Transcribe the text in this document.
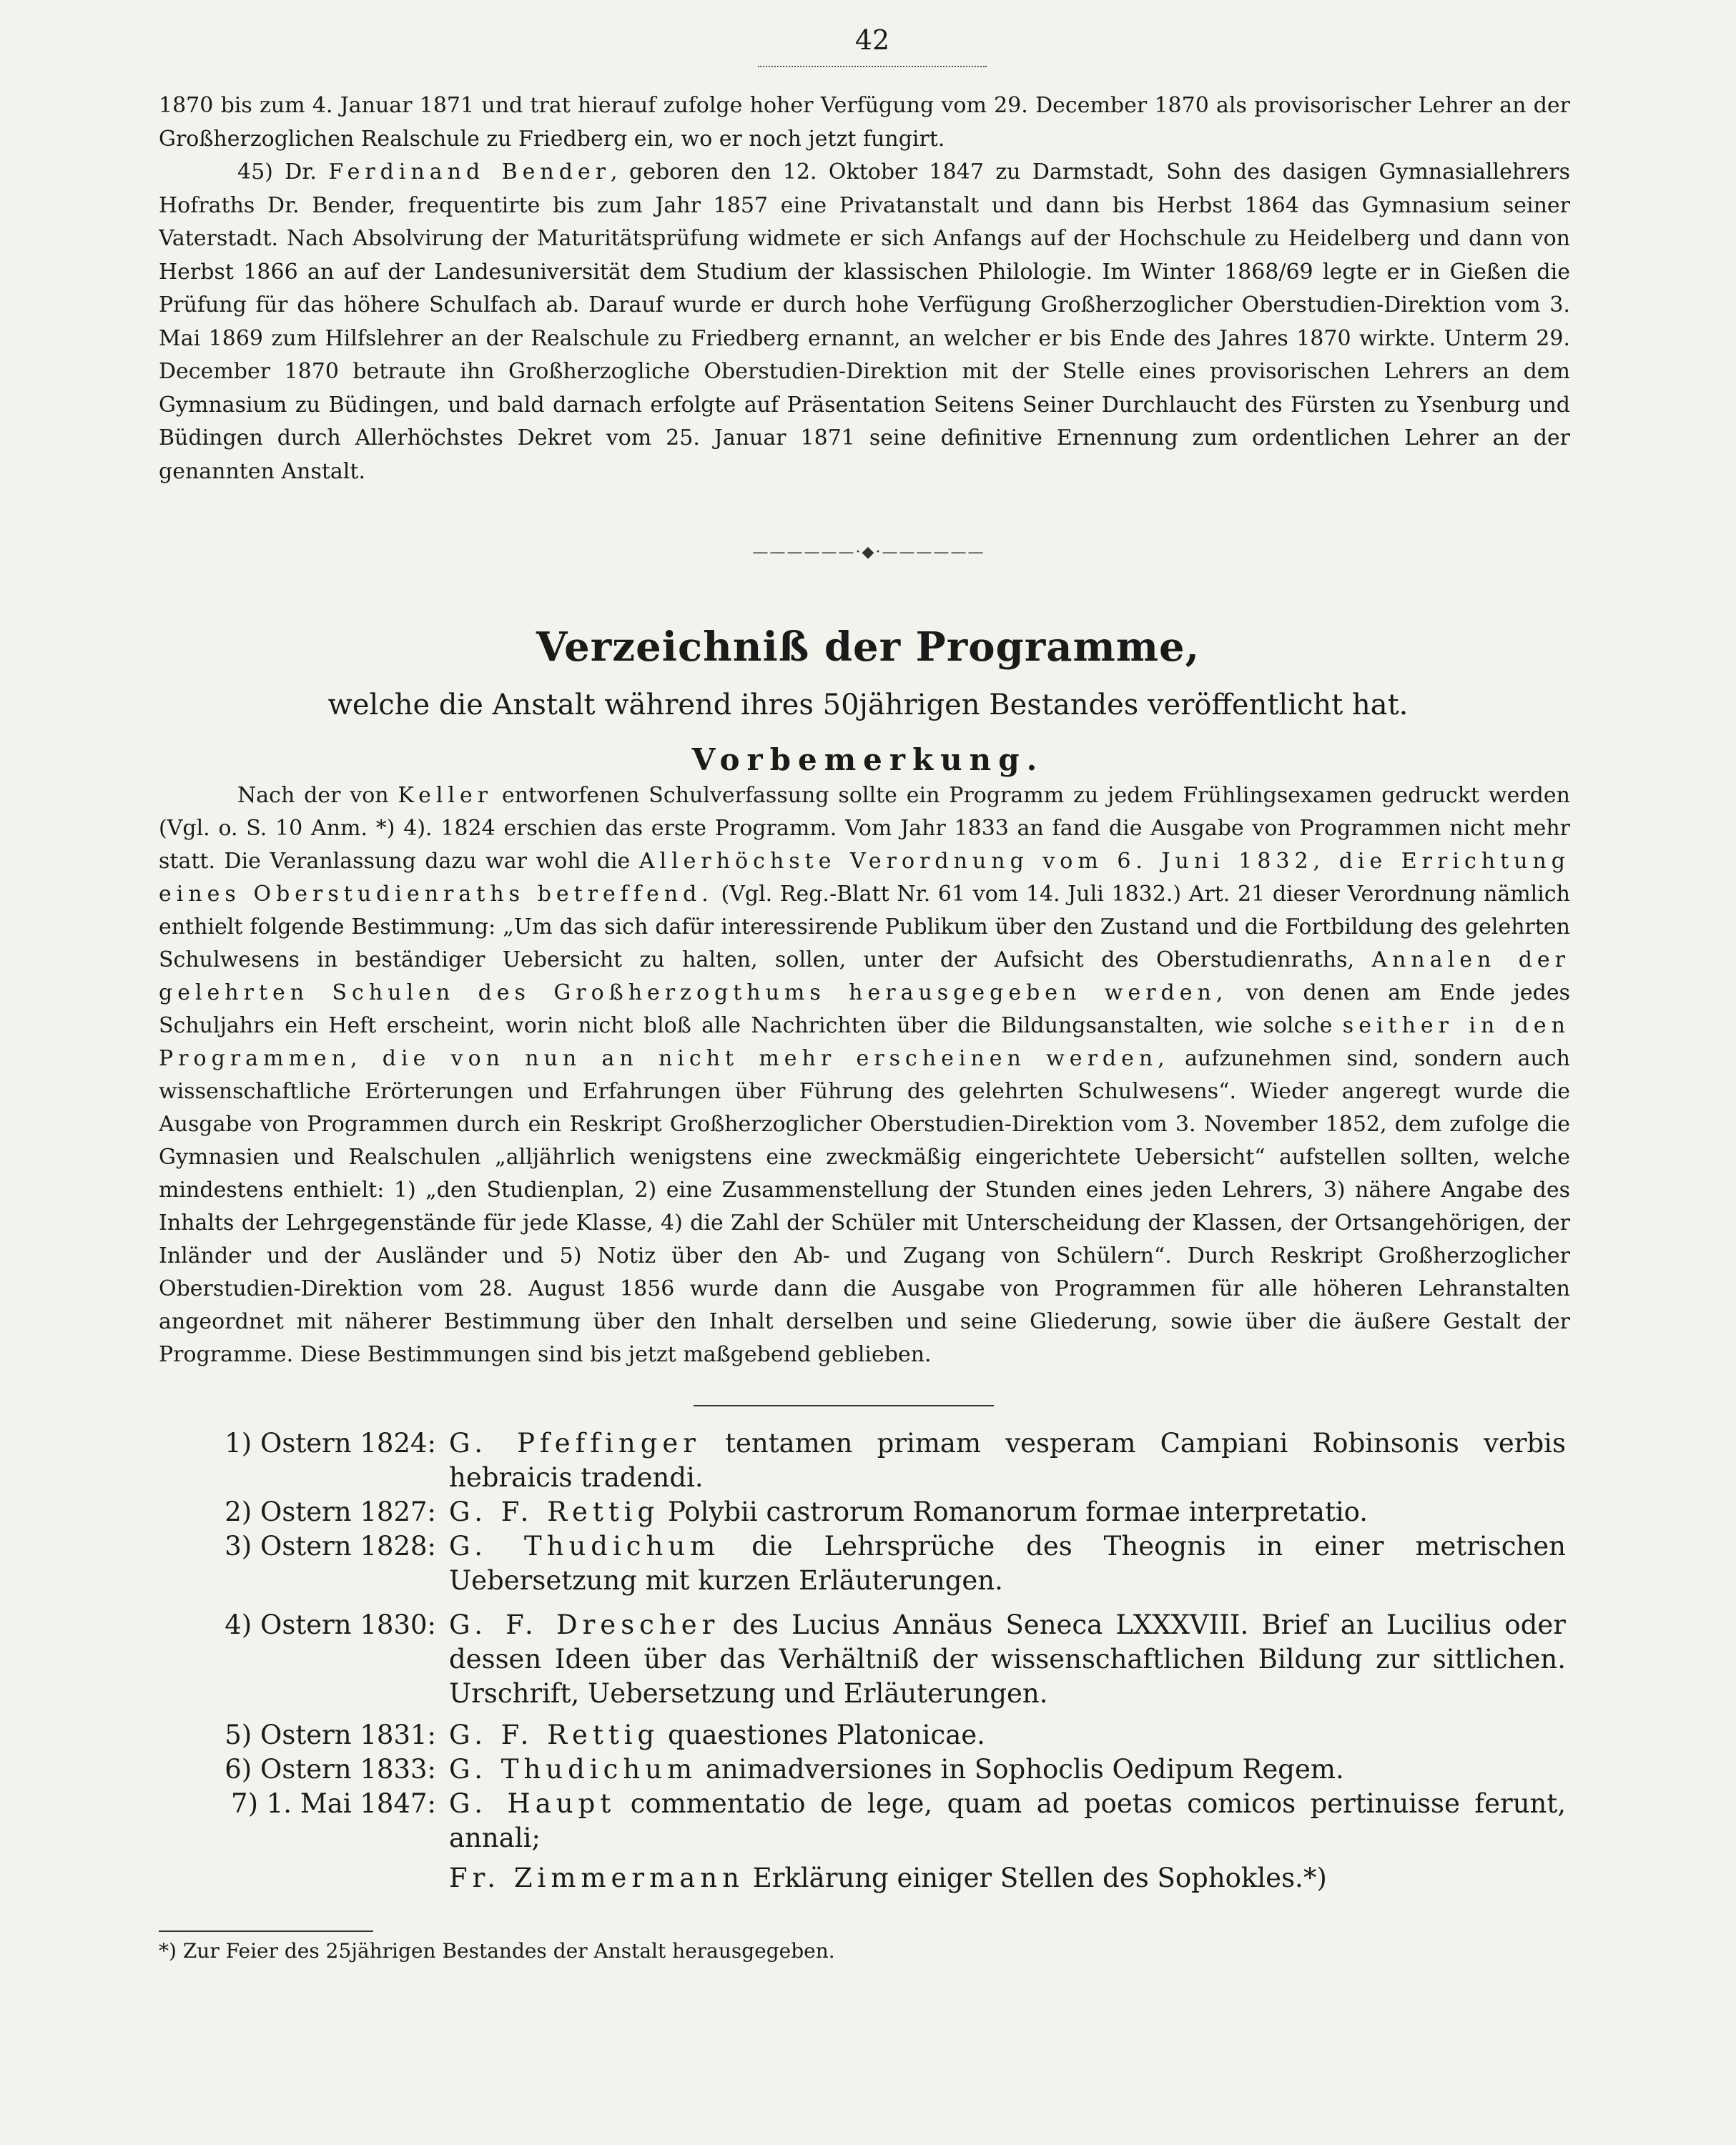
42

1870 bis zum 4. Januar 1871 und trat hierauf zufolge hoher Verfügung vom 29. December 1870 als provisorischer Lehrer an der Großherzoglichen Realschule zu Friedberg ein, wo er noch jetzt fungirt.

45) Dr. Ferdinand Bender, geboren den 12. Oktober 1847 zu Darmstadt, Sohn des dasigen Gymnasiallehrers Hofraths Dr. Bender, frequentirte bis zum Jahr 1857 eine Privatanstalt und dann bis Herbst 1864 das Gymnasium seiner Vaterstadt. Nach Absolvirung der Maturitätsprüfung widmete er sich Anfangs auf der Hochschule zu Heidelberg und dann von Herbst 1866 an auf der Landesuniversität dem Studium der klassischen Philologie. Im Winter 1868/69 legte er in Gießen die Prüfung für das höhere Schulfach ab. Darauf wurde er durch hohe Verfügung Großherzoglicher Oberstudien-Direktion vom 3. Mai 1869 zum Hilfslehrer an der Realschule zu Friedberg ernannt, an welcher er bis Ende des Jahres 1870 wirkte. Unterm 29. December 1870 betraute ihn Großherzogliche Oberstudien-Direktion mit der Stelle eines provisorischen Lehrers an dem Gymnasium zu Büdingen, und bald darnach erfolgte auf Präsentation Seitens Seiner Durchlaucht des Fürsten zu Ysenburg und Büdingen durch Allerhöchstes Dekret vom 25. Januar 1871 seine definitive Ernennung zum ordentlichen Lehrer an der genannten Anstalt.

——————·◆·——————
Verzeichniß der Programme,
welche die Anstalt während ihres 50jährigen Bestandes veröffentlicht hat.
Vorbemerkung.

Nach der von Keller entworfenen Schulverfassung sollte ein Programm zu jedem Frühlingsexamen gedruckt werden (Vgl. o. S. 10 Anm. *) 4). 1824 erschien das erste Programm. Vom Jahr 1833 an fand die Ausgabe von Programmen nicht mehr statt. Die Veranlassung dazu war wohl die Allerhöchste Verordnung vom 6. Juni 1832, die Errichtung eines Oberstudienraths betreffend. (Vgl. Reg.-Blatt Nr. 61 vom 14. Juli 1832.) Art. 21 dieser Verordnung nämlich enthielt folgende Bestimmung: „Um das sich dafür interessirende Publikum über den Zustand und die Fortbildung des gelehrten Schulwesens in beständiger Uebersicht zu halten, sollen, unter der Aufsicht des Oberstudienraths, Annalen der gelehrten Schulen des Großherzogthums herausgegeben werden, von denen am Ende jedes Schuljahrs ein Heft erscheint, worin nicht bloß alle Nachrichten über die Bildungsanstalten, wie solche seither in den Programmen, die von nun an nicht mehr erscheinen werden, aufzunehmen sind, sondern auch wissenschaftliche Erörterungen und Erfahrungen über Führung des gelehrten Schulwesens“. Wieder angeregt wurde die Ausgabe von Programmen durch ein Reskript Großherzoglicher Oberstudien-Direktion vom 3. November 1852, dem zufolge die Gymnasien und Realschulen „alljährlich wenigstens eine zweckmäßig eingerichtete Uebersicht“ aufstellen sollten, welche mindestens enthielt: 1) „den Studienplan, 2) eine Zusammenstellung der Stunden eines jeden Lehrers, 3) nähere Angabe des Inhalts der Lehrgegenstände für jede Klasse, 4) die Zahl der Schüler mit Unterscheidung der Klassen, der Ortsangehörigen, der Inländer und der Ausländer und 5) Notiz über den Ab- und Zugang von Schülern“. Durch Reskript Großherzoglicher Oberstudien-Direktion vom 28. August 1856 wurde dann die Ausgabe von Programmen für alle höheren Lehranstalten angeordnet mit näherer Bestimmung über den Inhalt derselben und seine Gliederung, sowie über die äußere Gestalt der Programme. Diese Bestimmungen sind bis jetzt maßgebend geblieben.

1) Ostern 1824: G. Pfeffinger tentamen primam vesperam Campiani Robinsonis verbis hebraicis tradendi.
2) Ostern 1827: G. F. Rettig Polybii castrorum Romanorum formae interpretatio.
3) Ostern 1828: G. Thudichum die Lehrsprüche des Theognis in einer metrischen Uebersetzung mit kurzen Erläuterungen.
4) Ostern 1830: G. F. Drescher des Lucius Annäus Seneca LXXXVIII. Brief an Lucilius oder dessen Ideen über das Verhältniß der wissenschaftlichen Bildung zur sittlichen. Urschrift, Uebersetzung und Erläuterungen.
5) Ostern 1831: G. F. Rettig quaestiones Platonicae.
6) Ostern 1833: G. Thudichum animadversiones in Sophoclis Oedipum Regem.
7) 1. Mai 1847: G. Haupt commentatio de lege, quam ad poetas comicos pertinuisse ferunt, annali;
Fr. Zimmermann Erklärung einiger Stellen des Sophokles.*)
*) Zur Feier des 25jährigen Bestandes der Anstalt herausgegeben.
